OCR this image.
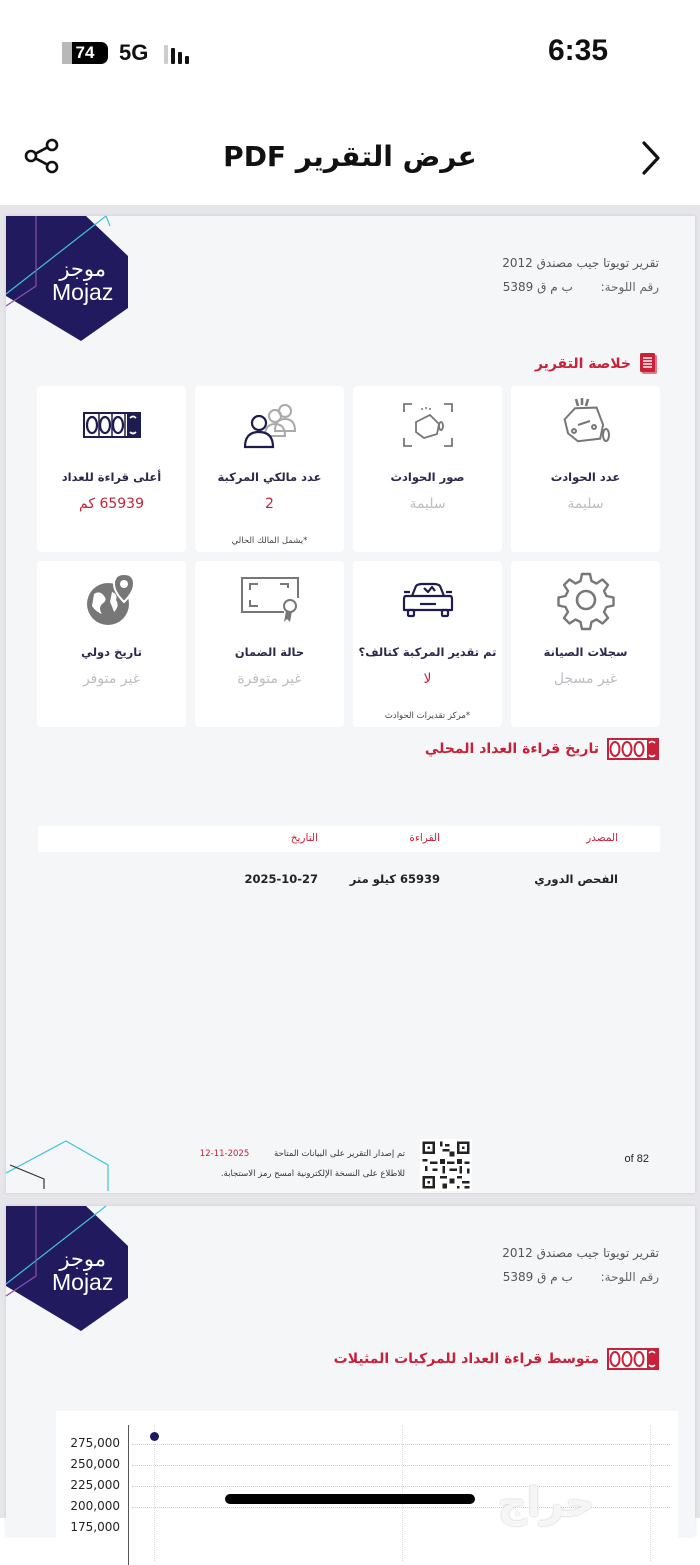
74	5G	6:35
عرض التقرير PDF
موجز
Mojaz
تقرير تويوتا جيب مصندق 2012
رقم اللوحة: ب م ق 5389
خلاصة التقرير
عدد الحوادث
سليمة
صور الحوادث
سليمة
عدد مالكي المركبة
2
*يشمل المالك الحالي
أعلى قراءة للعداد
65939 كم
سجلات الصيانة
غير مسجل
تم تقدير المركبة كتالف؟
لا
*مركز تقديرات الحوادث
حالة الضمان
غير متوفرة
تاريخ دولي
غير متوفر
تاريخ قراءة العداد المحلي
المصدر
القراءة
التاريخ
الفحص الدوري
65939 كيلو متر
2025-10-27
تم إصدار التقرير على البيانات المتاحة 2025-11-12
للاطلاع على النسخة الإلكترونية امسح رمز الاستجابة.
of 82
موجز
Mojaz
تقرير تويوتا جيب مصندق 2012
رقم اللوحة: ب م ق 5389
متوسط قراءة العداد للمركبات المثيلات
275,000
250,000
225,000
200,000
175,000
حراج
